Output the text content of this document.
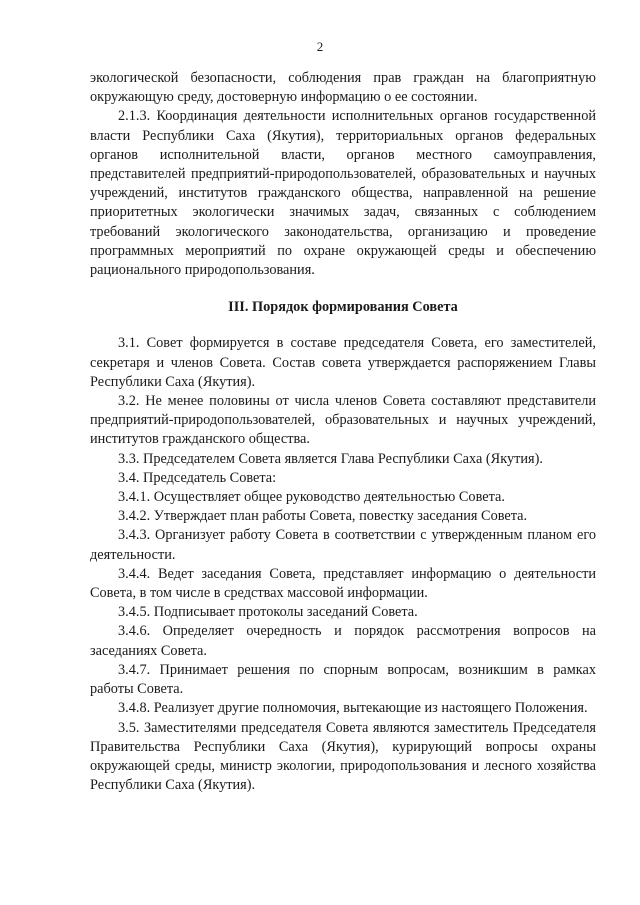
2

экологической безопасности, соблюдения прав граждан на благоприятную окружающую среду, достоверную информацию о ее состоянии.

2.1.3. Координация деятельности исполнительных органов государственной власти Республики Саха (Якутия), территориальных органов федеральных органов исполнительной власти, органов местного самоуправления, представителей предприятий-природопользователей, образовательных и научных учреждений, институтов гражданского общества, направленной на решение приоритетных экологически значимых задач, связанных с соблюдением требований экологического законодательства, организацию и проведение программных мероприятий по охране окружающей среды и обеспечению рационального природопользования.

III. Порядок формирования Совета

3.1. Совет формируется в составе председателя Совета, его заместителей, секретаря и членов Совета. Состав совета утверждается распоряжением Главы Республики Саха (Якутия).

3.2. Не менее половины от числа членов Совета составляют представители предприятий-природопользователей, образовательных и научных учреждений, институтов гражданского общества.

3.3. Председателем Совета является Глава Республики Саха (Якутия).

3.4. Председатель Совета:

3.4.1. Осуществляет общее руководство деятельностью Совета.

3.4.2. Утверждает план работы Совета, повестку заседания Совета.

3.4.3. Организует работу Совета в соответствии с утвержденным планом его деятельности.

3.4.4. Ведет заседания Совета, представляет информацию о деятельности Совета, в том числе в средствах массовой информации.

3.4.5. Подписывает протоколы заседаний Совета.

3.4.6. Определяет очередность и порядок рассмотрения вопросов на заседаниях Совета.

3.4.7. Принимает решения по спорным вопросам, возникшим в рамках работы Совета.

3.4.8. Реализует другие полномочия, вытекающие из настоящего Положения.

3.5. Заместителями председателя Совета являются заместитель Председателя Правительства Республики Саха (Якутия), курирующий вопросы охраны окружающей среды, министр экологии, природопользования и лесного хозяйства Республики Саха (Якутия).
